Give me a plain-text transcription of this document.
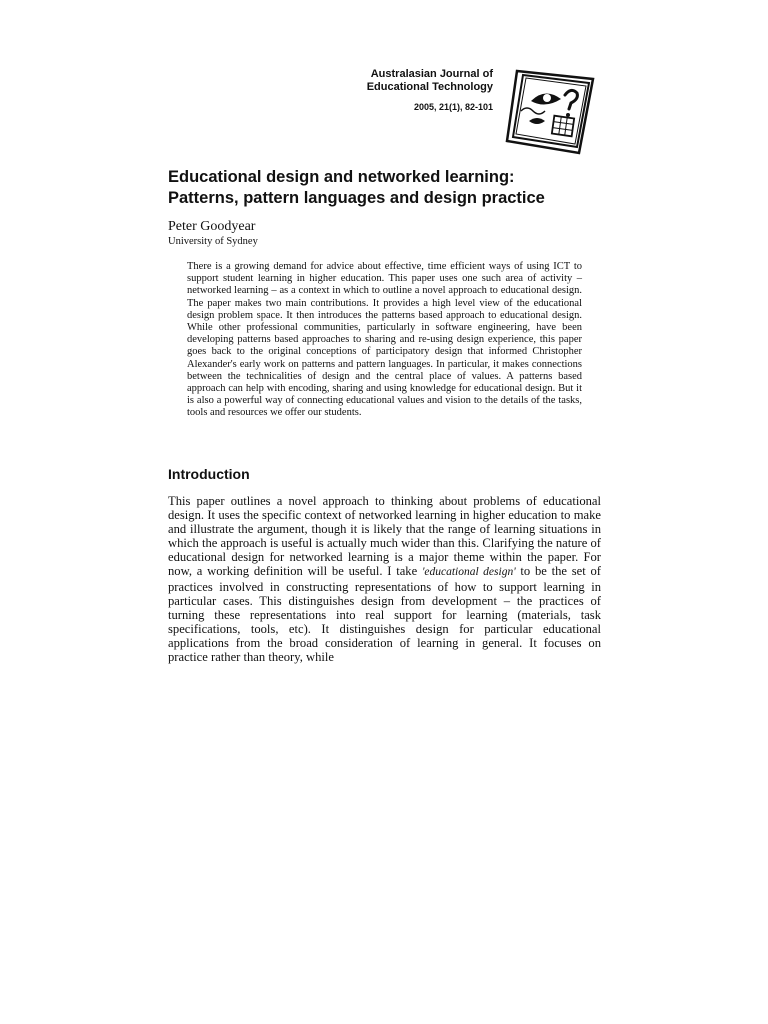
Australasian Journal of
Educational Technology
2005, 21(1), 82-101
Educational design and networked learning:
Patterns, pattern languages and design practice
Peter Goodyear
University of Sydney

There is a growing demand for advice about effective, time efficient ways of using ICT to support student learning in higher education. This paper uses one such area of activity – networked learning – as a context in which to outline a novel approach to educational design. The paper makes two main contributions. It provides a high level view of the educational design problem space. It then introduces the patterns based approach to educational design. While other professional communities, particularly in software engineering, have been developing patterns based approaches to sharing and re-using design experience, this paper goes back to the original conceptions of participatory design that informed Christopher Alexander's early work on patterns and pattern languages. In particular, it makes connections between the technicalities of design and the central place of values. A patterns based approach can help with encoding, sharing and using knowledge for educational design. But it is also a powerful way of connecting educational values and vision to the details of the tasks, tools and resources we offer our students.

Introduction

This paper outlines a novel approach to thinking about problems of educational design. It uses the specific context of networked learning in higher education to make and illustrate the argument, though it is likely that the range of learning situations in which the approach is useful is actually much wider than this. Clarifying the nature of educational design for networked learning is a major theme within the paper. For now, a working definition will be useful. I take 'educational design' to be the set of practices involved in constructing representations of how to support learning in particular cases. This distinguishes design from development – the practices of turning these representations into real support for learning (materials, task specifications, tools, etc). It distinguishes design for particular educational applications from the broad consideration of learning in general. It focuses on practice rather than theory, while
